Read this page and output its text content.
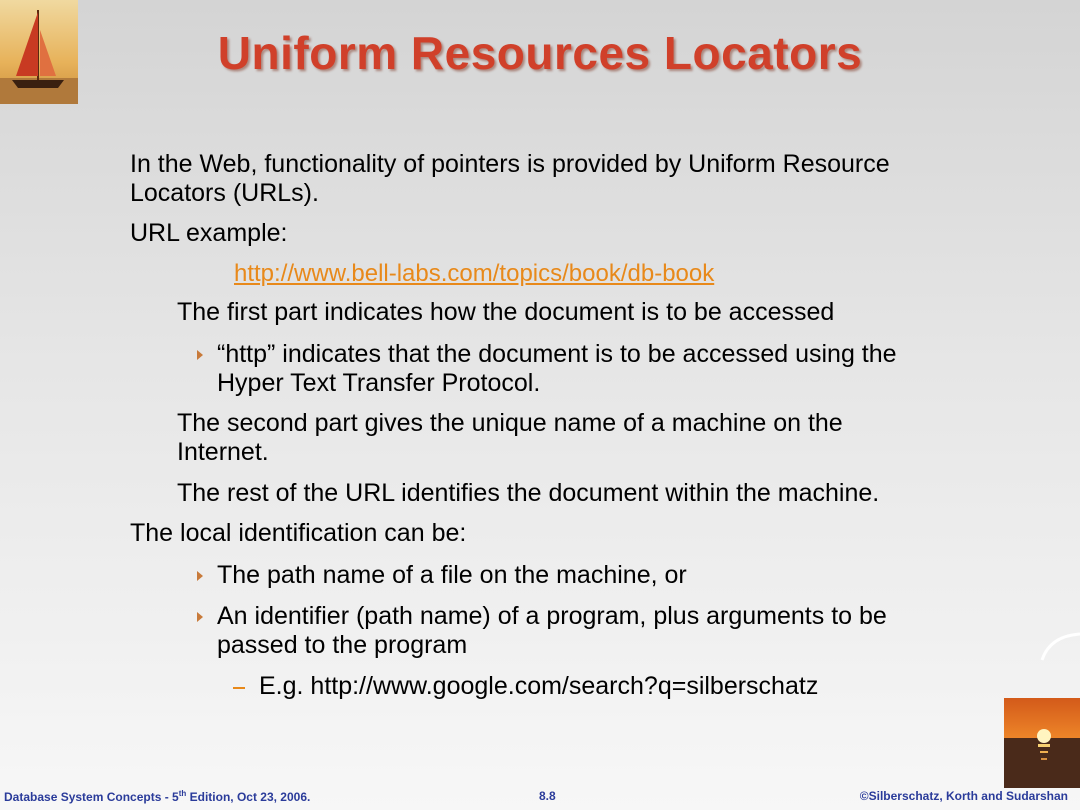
Uniform Resources Locators
In the Web, functionality of pointers is provided by Uniform Resource
Locators (URLs).
URL example:
http://www.bell-labs.com/topics/book/db-book
The first part indicates how the document is to be accessed
“http” indicates that the document is to be accessed using the
Hyper Text Transfer Protocol.
The second part gives the unique name of a machine on the
Internet.
The rest of the URL identifies the document within the machine.
The local identification can be:
The path name of a file on the machine, or
An identifier (path name) of a program, plus arguments to be
passed to the program
E.g. http://www.google.com/search?q=silberschatz
Database System Concepts - 5th Edition, Oct 23, 2006.	8.8	©Silberschatz, Korth and Sudarshan
